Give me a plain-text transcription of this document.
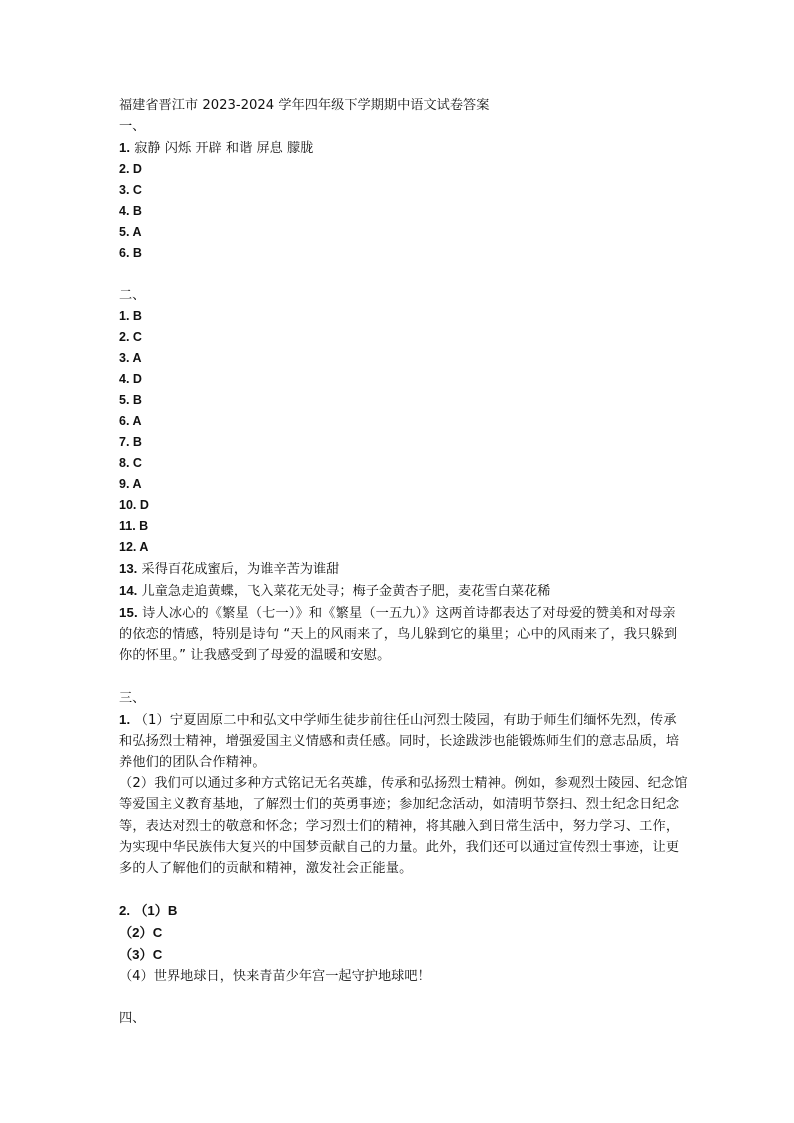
福建省晋江市 2023-2024 学年四年级下学期期中语文试卷答案
一、
1. 寂静 闪烁 开辟 和谐 屏息 朦胧
2. D
3. C
4. B
5. A
6. B
二、
1. B
2. C
3. A
4. D
5. B
6. A
7. B
8. C
9. A
10. D
11. B
12. A
13. 采得百花成蜜后，为谁辛苦为谁甜
14. 儿童急走追黄蝶，飞入菜花无处寻；梅子金黄杏子肥，麦花雪白菜花稀
15. 诗人冰心的《繁星（七一）》和《繁星（一五九）》这两首诗都表达了对母爱的赞美和对母亲的依恋的情感，特别是诗句 “天上的风雨来了，鸟儿躲到它的巢里；心中的风雨来了，我只躲到你的怀里。” 让我感受到了母爱的温暖和安慰。
三、
1. （1）宁夏固原二中和弘文中学师生徒步前往任山河烈士陵园，有助于师生们缅怀先烈，传承和弘扬烈士精神，增强爱国主义情感和责任感。同时，长途跋涉也能锻炼师生们的意志品质，培养他们的团队合作精神。
（2）我们可以通过多种方式铭记无名英雄，传承和弘扬烈士精神。例如，参观烈士陵园、纪念馆等爱国主义教育基地，了解烈士们的英勇事迹；参加纪念活动，如清明节祭扫、烈士纪念日纪念等，表达对烈士的敬意和怀念；学习烈士们的精神，将其融入到日常生活中，努力学习、工作，为实现中华民族伟大复兴的中国梦贡献自己的力量。此外，我们还可以通过宣传烈士事迹，让更多的人了解他们的贡献和精神，激发社会正能量。
2. （1）B
（2）C
（3）C
（4）世界地球日，快来青苗少年宫一起守护地球吧！
四、
